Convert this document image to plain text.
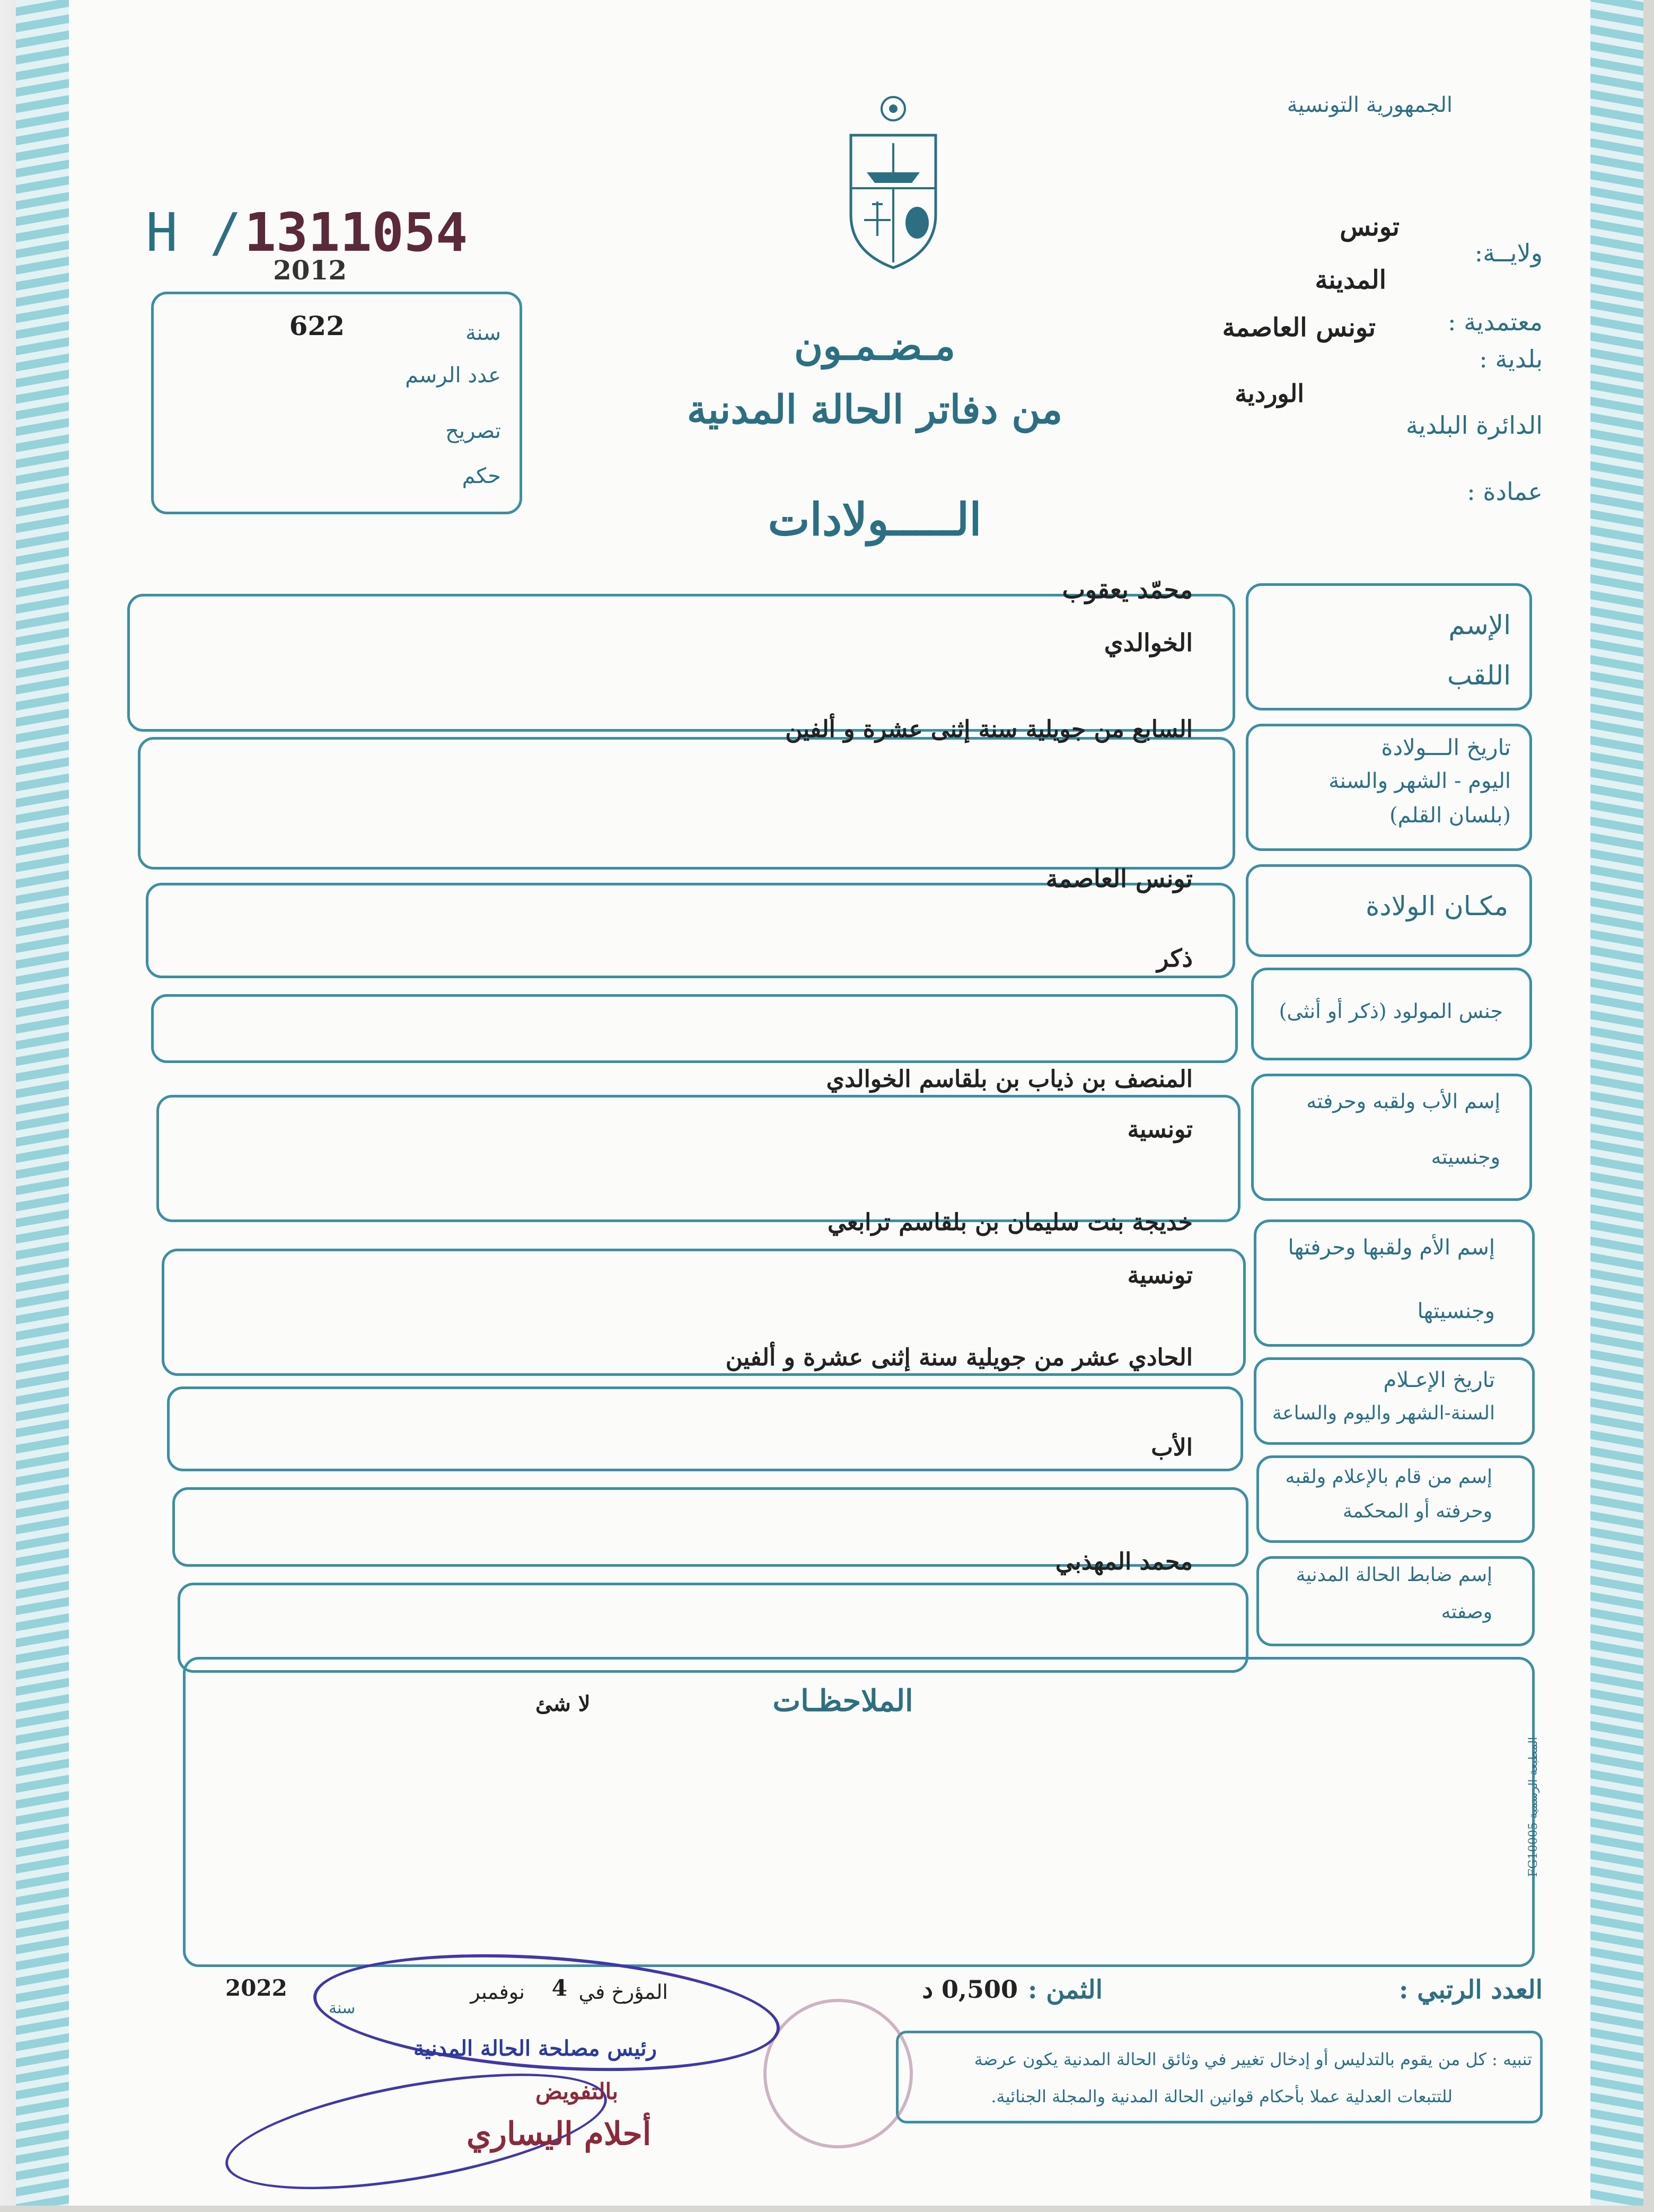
الجمهورية التونسية
H / 1311054
2012
سنة
622
عدد الرسم
تصريح
حكم
ولايــة:
تونس
معتمدية :
المدينة
بلدية :
تونس العاصمة
الدائرة البلدية
الوردية
عمادة :
مـضـمـون
من دفاتر الحالة المدنية
الـــــولادات
الإسم
اللقب
محمّد يعقوب
الخوالدي
تاريخ الـــولادة
اليوم - الشهر والسنة
(بلسان القلم)
السابع من جويلية سنة إثنى عشرة و ألفين
مكـان الولادة
تونس العاصمة
جنس المولود (ذكر أو أنثى)
ذكر
إسم الأب ولقبه وحرفته
وجنسيته
المنصف بن ذياب بن بلقاسم الخوالدي
تونسية
إسم الأم ولقبها وحرفتها
وجنسيتها
خديجة بنت سليمان بن بلقاسم ترابعي
تونسية
تاريخ الإعـلام
السنة-الشهر واليوم والساعة
الحادي عشر من جويلية سنة إثنى عشرة و ألفين
إسم من قام بالإعلام ولقبه
وحرفته أو المحكمة
الأب
إسم ضابط الحالة المدنية
وصفته
محمد المهذبي
الملاحظـات
لا شئ
المطبعة الرسمية FG10005
العدد الرتبي :
الثمن :
0,500 د
المؤرخ في
4
نوفمبر
2022
سنة
تنبيه : كل من يقوم بالتدليس أو إدخال تغيير في وثائق الحالة المدنية يكون عرضة
للتتبعات العدلية عملا بأحكام قوانين الحالة المدنية والمجلة الجنائية.
رئيس مصلحة الحالة المدنية
بالتفويض
أحلام اليساري
